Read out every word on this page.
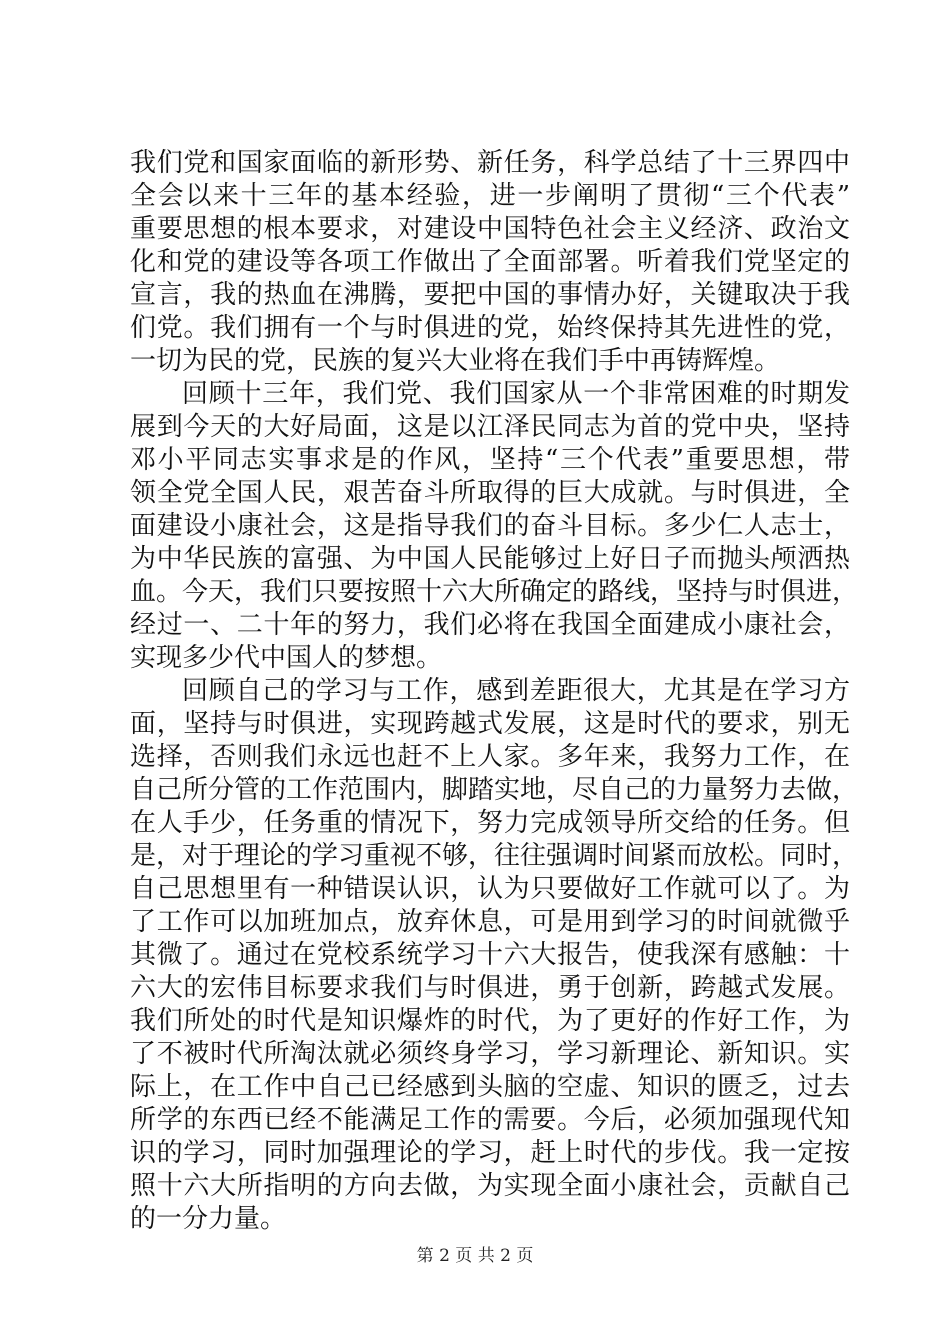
我们党和国家面临的新形势、新任务，科学总结了十三界四中
全会以来十三年的基本经验，进一步阐明了贯彻“三个代表”
重要思想的根本要求，对建设中国特色社会主义经济、政治文
化和党的建设等各项工作做出了全面部署。听着我们党坚定的
宣言，我的热血在沸腾，要把中国的事情办好，关键取决于我
们党。我们拥有一个与时俱进的党，始终保持其先进性的党，
一切为民的党，民族的复兴大业将在我们手中再铸辉煌。
回顾十三年，我们党、我们国家从一个非常困难的时期发
展到今天的大好局面，这是以江泽民同志为首的党中央，坚持
邓小平同志实事求是的作风，坚持“三个代表”重要思想，带
领全党全国人民，艰苦奋斗所取得的巨大成就。与时俱进，全
面建设小康社会，这是指导我们的奋斗目标。多少仁人志士，
为中华民族的富强、为中国人民能够过上好日子而抛头颅洒热
血。今天，我们只要按照十六大所确定的路线，坚持与时俱进，
经过一、二十年的努力，我们必将在我国全面建成小康社会，
实现多少代中国人的梦想。
回顾自己的学习与工作，感到差距很大，尤其是在学习方
面，坚持与时俱进，实现跨越式发展，这是时代的要求，别无
选择，否则我们永远也赶不上人家。多年来，我努力工作，在
自己所分管的工作范围内，脚踏实地，尽自己的力量努力去做，
在人手少，任务重的情况下，努力完成领导所交给的任务。但
是，对于理论的学习重视不够，往往强调时间紧而放松。同时，
自己思想里有一种错误认识，认为只要做好工作就可以了。为
了工作可以加班加点，放弃休息，可是用到学习的时间就微乎
其微了。通过在党校系统学习十六大报告，使我深有感触：十
六大的宏伟目标要求我们与时俱进，勇于创新，跨越式发展。
我们所处的时代是知识爆炸的时代，为了更好的作好工作，为
了不被时代所淘汰就必须终身学习，学习新理论、新知识。实
际上，在工作中自己已经感到头脑的空虚、知识的匮乏，过去
所学的东西已经不能满足工作的需要。今后，必须加强现代知
识的学习，同时加强理论的学习，赶上时代的步伐。我一定按
照十六大所指明的方向去做，为实现全面小康社会，贡献自己
的一分力量。
第 2 页 共 2 页
